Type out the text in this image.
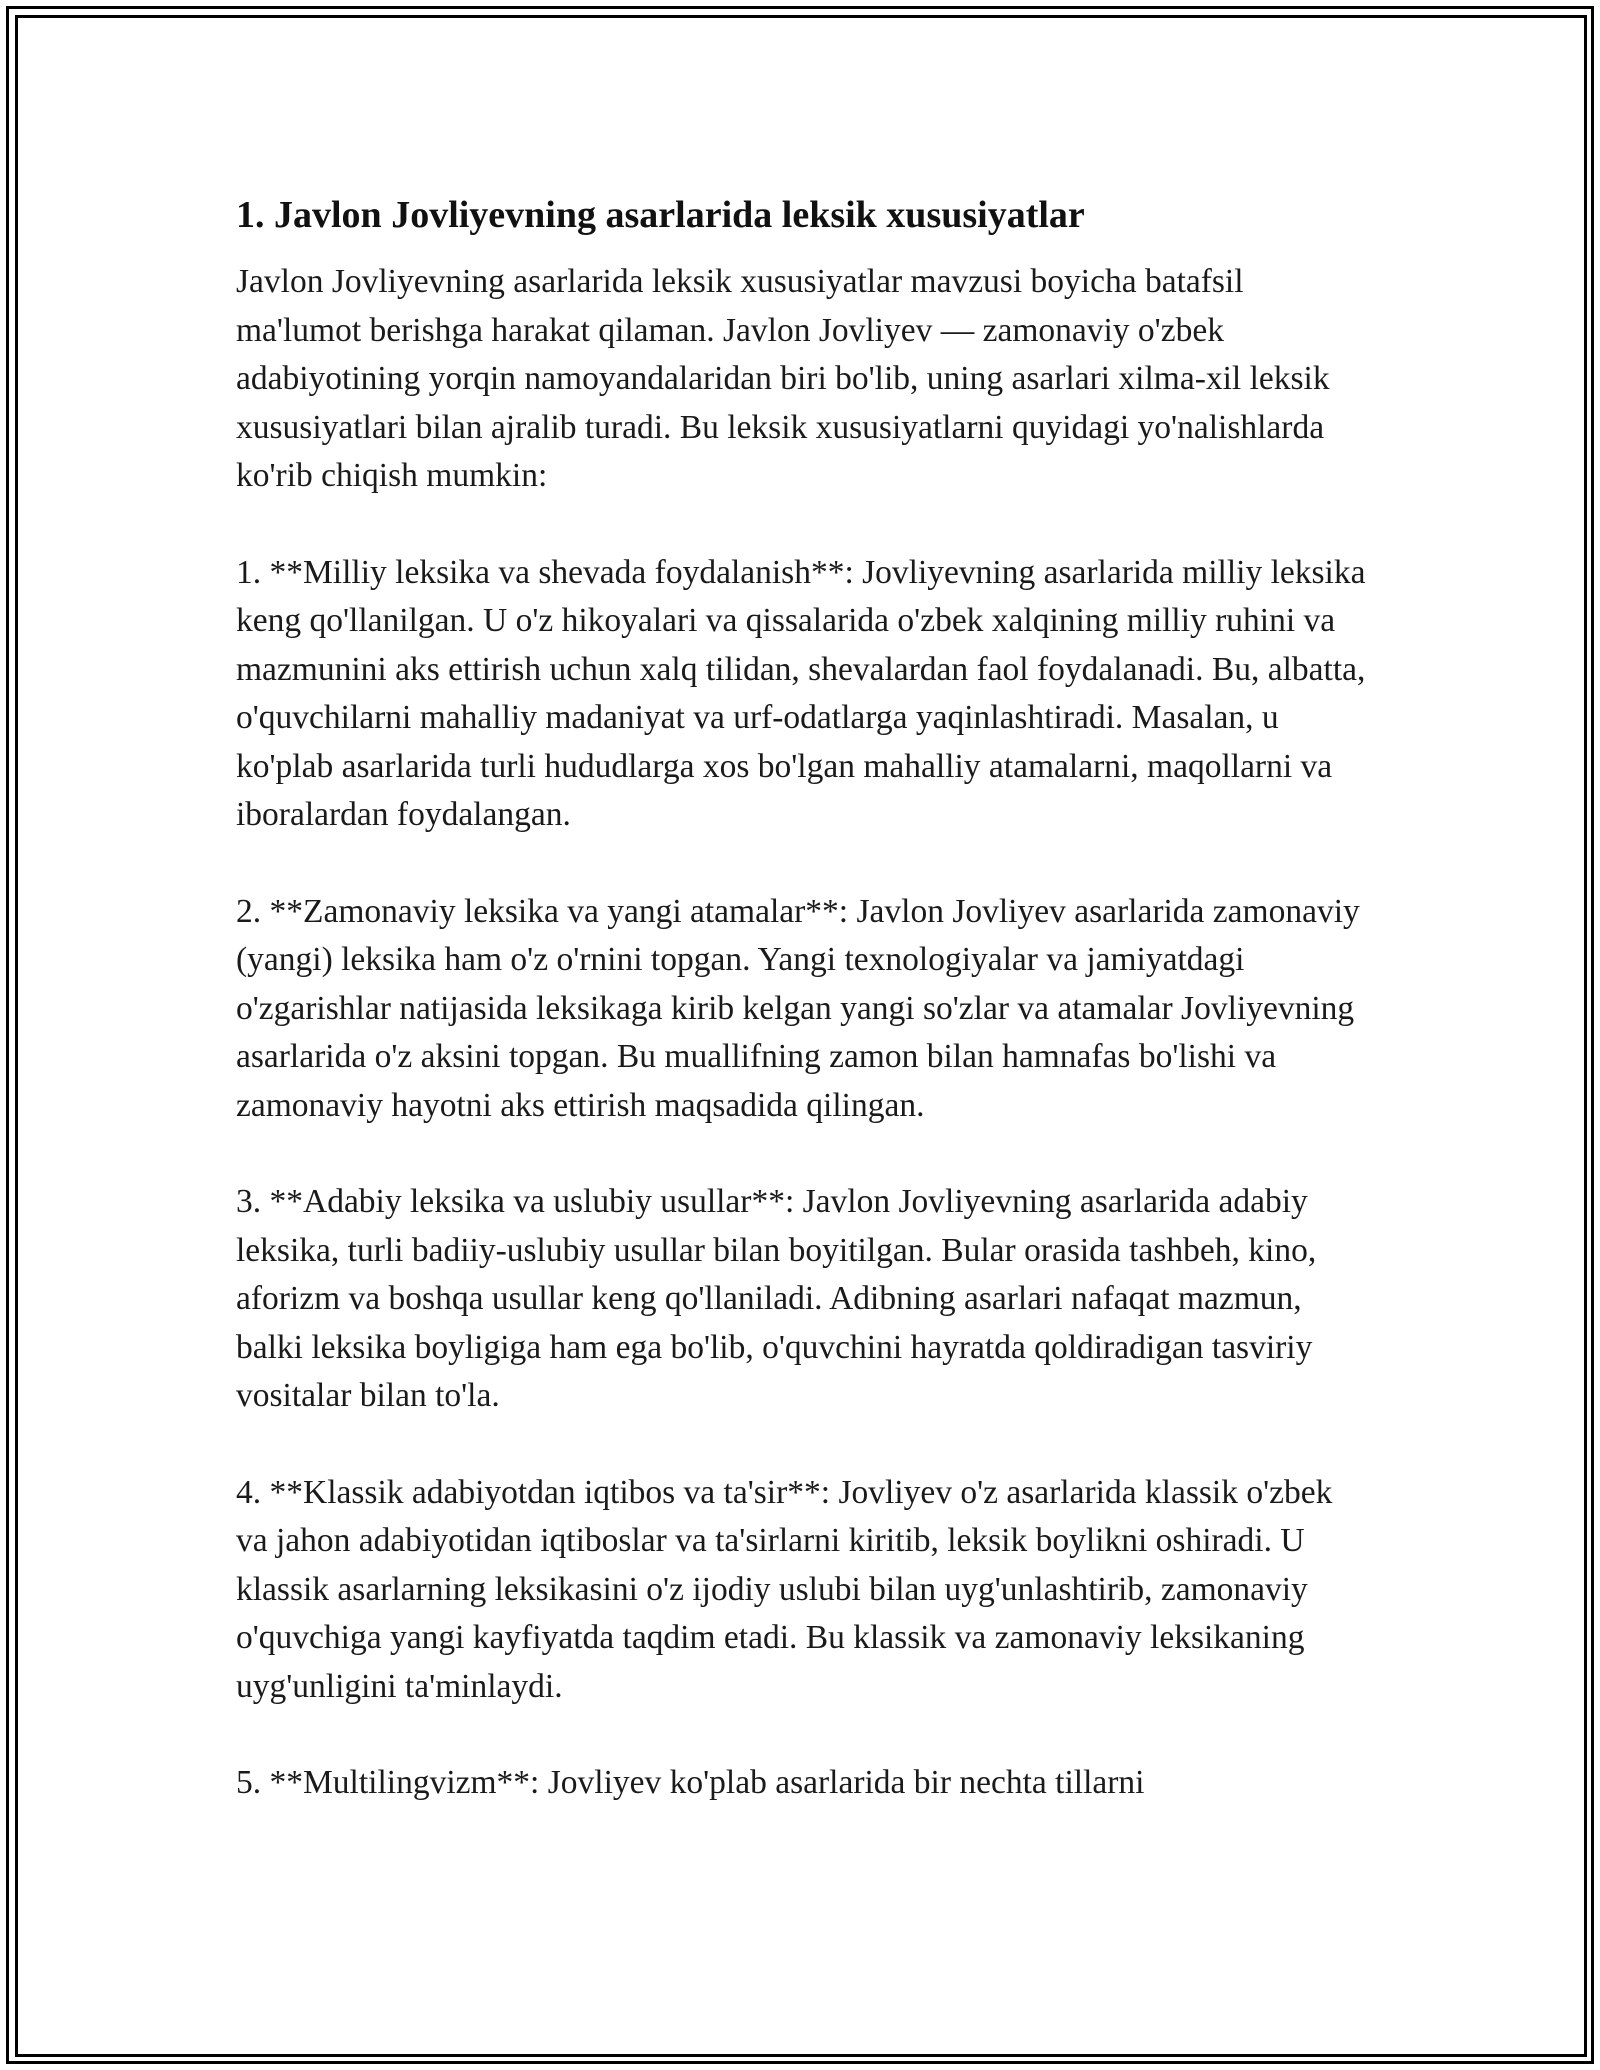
1. Javlon Jovliyevning asarlarida leksik xususiyatlar

Javlon Jovliyevning asarlarida leksik xususiyatlar mavzusi boyicha batafsil ma'lumot berishga harakat qilaman. Javlon Jovliyev — zamonaviy o'zbek adabiyotining yorqin namoyandalaridan biri bo'lib, uning asarlari xilma-xil leksik xususiyatlari bilan ajralib turadi. Bu leksik xususiyatlarni quyidagi yo'nalishlarda ko'rib chiqish mumkin:

1. **Milliy leksika va shevada foydalanish**: Jovliyevning asarlarida milliy leksika keng qo'llanilgan. U o'z hikoyalari va qissalarida o'zbek xalqining milliy ruhini va mazmunini aks ettirish uchun xalq tilidan, shevalardan faol foydalanadi. Bu, albatta, o'quvchilarni mahalliy madaniyat va urf-odatlarga yaqinlashtiradi. Masalan, u ko'plab asarlarida turli hududlarga xos bo'lgan mahalliy atamalarni, maqollarni va iboralardan foydalangan.

2. **Zamonaviy leksika va yangi atamalar**: Javlon Jovliyev asarlarida zamonaviy (yangi) leksika ham o'z o'rnini topgan. Yangi texnologiyalar va jamiyatdagi o'zgarishlar natijasida leksikaga kirib kelgan yangi so'zlar va atamalar Jovliyevning asarlarida o'z aksini topgan. Bu muallifning zamon bilan hamnafas bo'lishi va zamonaviy hayotni aks ettirish maqsadida qilingan.

3. **Adabiy leksika va uslubiy usullar**: Javlon Jovliyevning asarlarida adabiy leksika, turli badiiy-uslubiy usullar bilan boyitilgan. Bular orasida tashbeh, kino, aforizm va boshqa usullar keng qo'llaniladi. Adibning asarlari nafaqat mazmun, balki leksika boyligiga ham ega bo'lib, o'quvchini hayratda qoldiradigan tasviriy vositalar bilan to'la.

4. **Klassik adabiyotdan iqtibos va ta'sir**: Jovliyev o'z asarlarida klassik o'zbek va jahon adabiyotidan iqtiboslar va ta'sirlarni kiritib, leksik boylikni oshiradi. U klassik asarlarning leksikasini o'z ijodiy uslubi bilan uyg'unlashtirib, zamonaviy o'quvchiga yangi kayfiyatda taqdim etadi. Bu klassik va zamonaviy leksikaning uyg'unligini ta'minlaydi.

5. **Multilingvizm**: Jovliyev ko'plab asarlarida bir nechta tillarni
